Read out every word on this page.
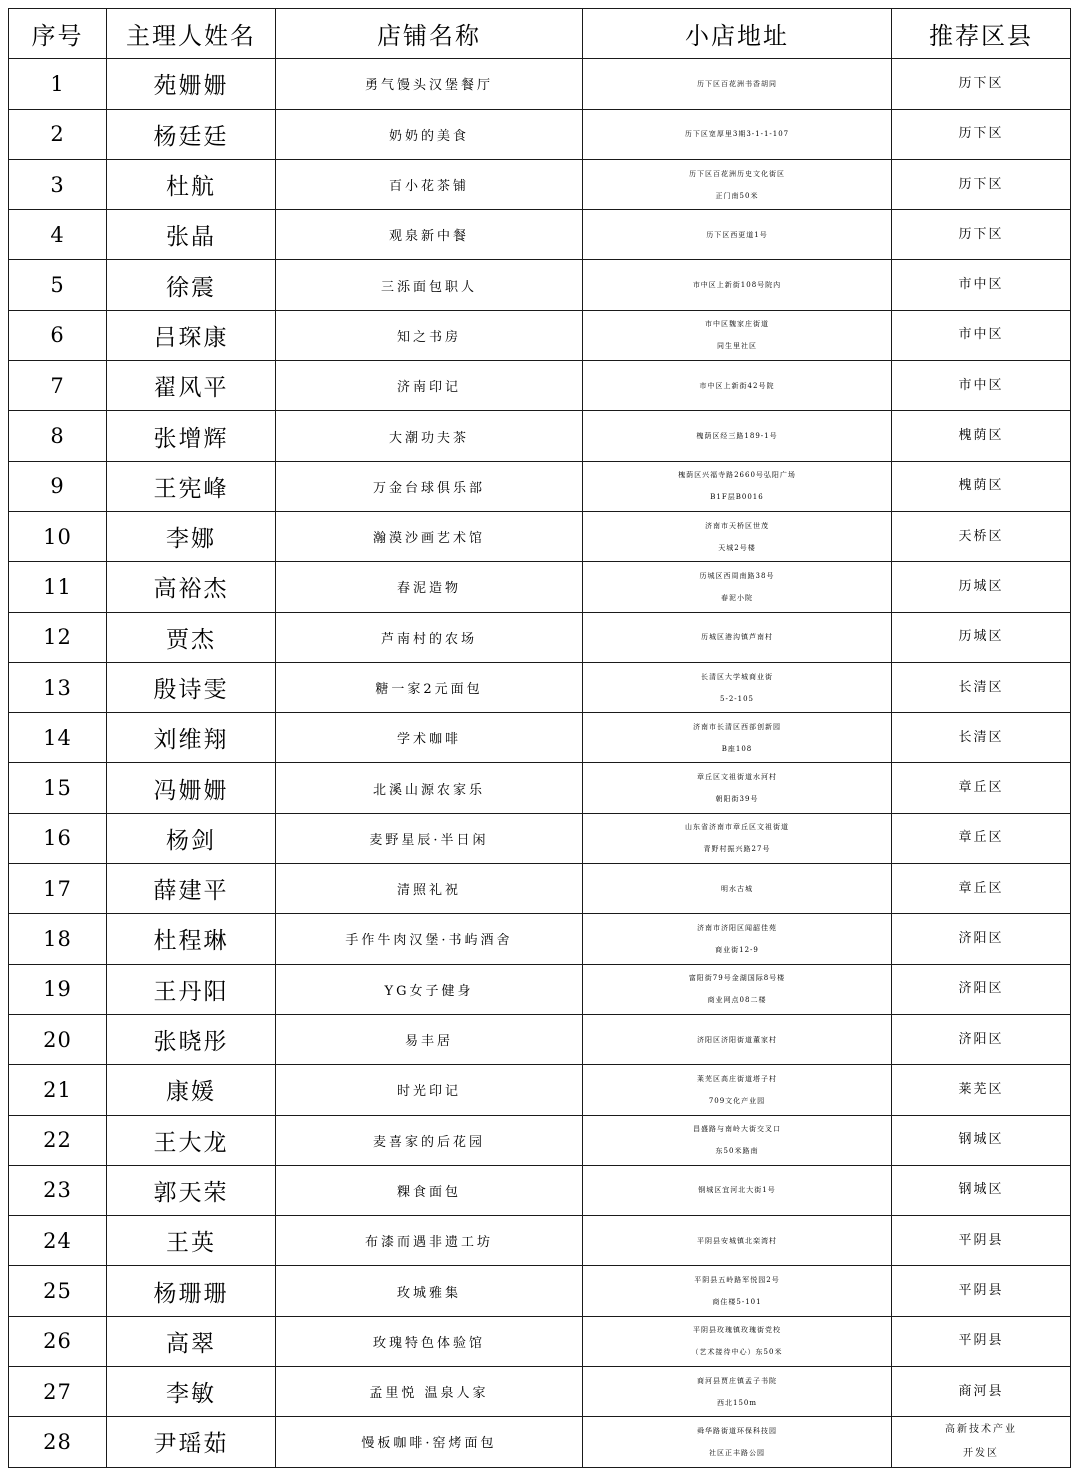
序号	主理人姓名	店铺名称	小店地址	推荐区县
1	苑姗姗	勇气馒头汉堡餐厅	历下区百花洲书香胡同	历下区

2	杨廷廷	奶奶的美食	历下区宽厚里3期3-1-1-107	历下区

3	杜航	百小花茶铺	历下区百花洲历史文化街区
正门南50米	历下区

4	张晶	观泉新中餐	历下区西更道1号	历下区

5	徐震	三泺面包职人	市中区上新街108号院内	市中区

6	吕琛康	知之书房	市中区魏家庄街道
同生里社区	市中区

7	翟风平	济南印记	市中区上新街42号院	市中区

8	张增辉	大潮功夫茶	槐荫区经三路189-1号	槐荫区

9	王宪峰	万金台球俱乐部	槐荫区兴福寺路2660号弘阳广场
B1F层B0016	槐荫区

10	李娜	瀚漠沙画艺术馆	济南市天桥区世茂
天城2号楼	天桥区

11	高裕杰	春泥造物	历城区西周南路38号
春泥小院	历城区

12	贾杰	芦南村的农场	历城区港沟镇芦南村	历城区

13	殷诗雯	糖一家2元面包	长清区大学城商业街
5-2-105	长清区

14	刘维翔	学术咖啡	济南市长清区西部创新园
B座108	长清区

15	冯姗姗	北溪山源农家乐	章丘区文祖街道水河村
朝阳街39号	章丘区

16	杨剑	麦野星辰·半日闲	山东省济南市章丘区文祖街道
青野村振兴路27号	章丘区

17	薛建平	清照礼祝	明水古城	章丘区

18	杜程琳	手作牛肉汉堡·书屿酒舍	济南市济阳区闻韶佳苑
商业街12-9	济阳区

19	王丹阳	YG女子健身	富阳街79号金湖国际8号楼
商业网点08二楼	济阳区

20	张晓彤	易丰居	济阳区济阳街道董家村	济阳区

21	康媛	时光印记	莱芜区高庄街道塔子村
709文化产业园	莱芜区

22	王大龙	麦喜家的后花园	昌盛路与南岭大街交叉口
东50米路南	钢城区

23	郭天荣	粿食面包	钢城区宜河北大街1号	钢城区

24	王英	布漆而遇非遗工坊	平阴县安城镇北栾湾村	平阴县

25	杨珊珊	玫城雅集	平阴县五岭路军悦园2号
商住楼5-101	平阴县

26	高翠	玫瑰特色体验馆	平阴县玫瑰镇玫瑰街党校
（艺术接待中心）东50米	平阴县

27	李敏	孟里悦 温泉人家	商河县贾庄镇孟子书院
西北150m	商河县

28	尹瑶茹	慢板咖啡·窑烤面包	舜华路街道环保科技园
社区正丰路公园	高新技术产业
开发区
